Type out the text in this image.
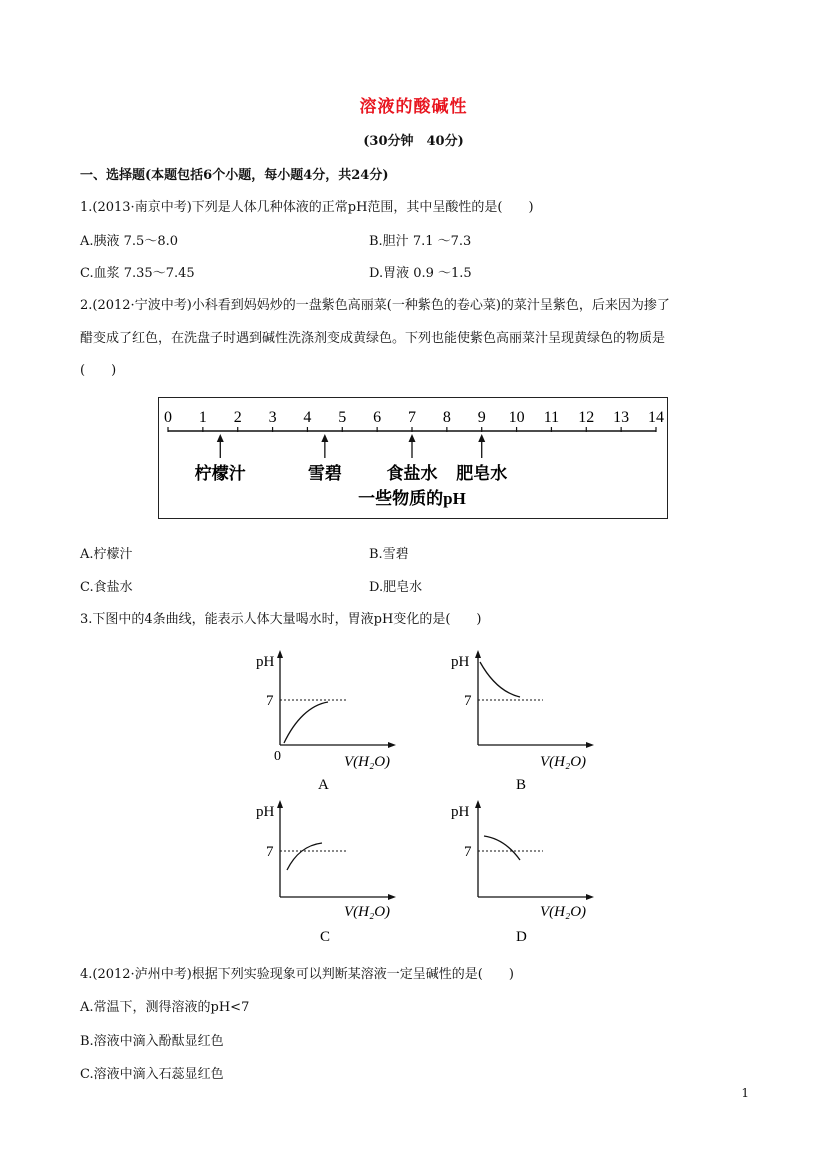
溶液的酸碱性
(30分钟　40分)
一、选择题(本题包括6个小题，每小题4分，共24分)
1.(2013·南京中考)下列是人体几种体液的正常pH范围，其中呈酸性的是(　　)
A.胰液 7.5～8.0	B.胆汁 7.1 ～7.3
C.血浆 7.35～7.45	D.胃液 0.9 ～1.5
2.(2012·宁波中考)小科看到妈妈炒的一盘紫色高丽菜(一种紫色的卷心菜)的菜汁呈紫色，后来因为掺了
醋变成了红色，在洗盘子时遇到碱性洗涤剂变成黄绿色。下列也能使紫色高丽菜汁呈现黄绿色的物质是
(　　)
0 1 2 3 4 5 6 7 8 9 10 11 12 13 14
柠檬汁	雪碧	食盐水 肥皂水
一些物质的pH
A.柠檬汁	B.雪碧
C.食盐水	D.肥皂水
3.下图中的4条曲线，能表示人体大量喝水时，胃液pH变化的是(　　)
pH
7
0	V(H₂O)
A
pH
7
V(H₂O)
B
pH
7
V(H₂O)
C
pH
7
V(H₂O)
D
4.(2012·泸州中考)根据下列实验现象可以判断某溶液一定呈碱性的是(　　)
A.常温下，测得溶液的pH<7
B.溶液中滴入酚酞显红色
C.溶液中滴入石蕊显红色
1
